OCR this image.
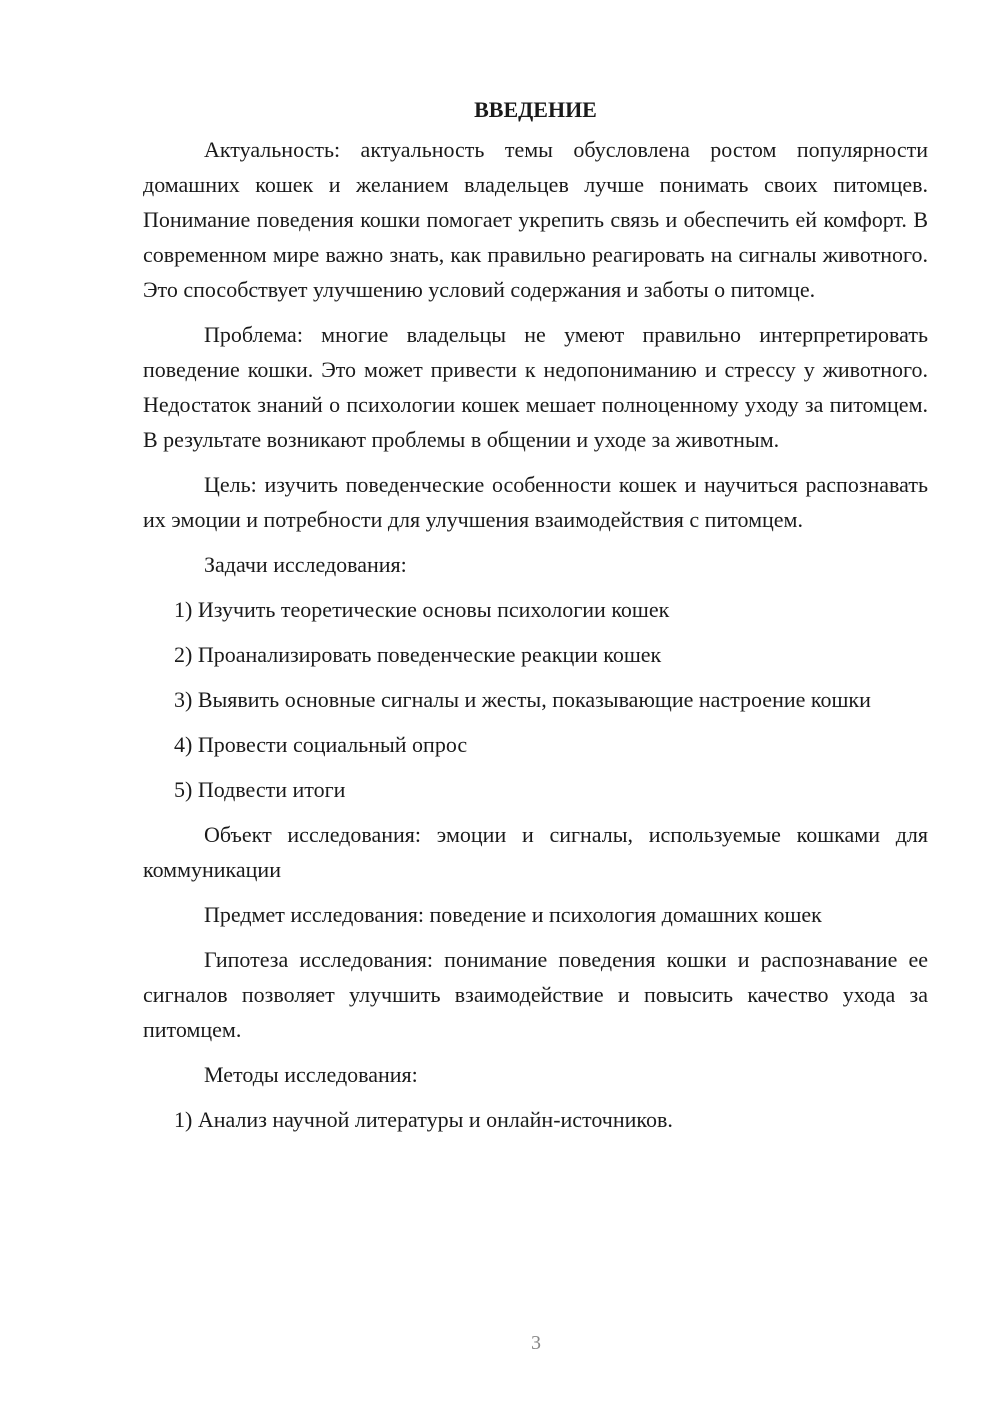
ВВЕДЕНИЕ

Актуальность: актуальность темы обусловлена ростом популярности домашних кошек и желанием владельцев лучше понимать своих питомцев. Понимание поведения кошки помогает укрепить связь и обеспечить ей комфорт. В современном мире важно знать, как правильно реагировать на сигналы животного. Это способствует улучшению условий содержания и заботы о питомце.

Проблема: многие владельцы не умеют правильно интерпретировать поведение кошки. Это может привести к недопониманию и стрессу у животного. Недостаток знаний о психологии кошек мешает полноценному уходу за питомцем. В результате возникают проблемы в общении и уходе за животным.

Цель: изучить поведенческие особенности кошек и научиться распознавать их эмоции и потребности для улучшения взаимодействия с питомцем.

Задачи исследования:

1) Изучить теоретические основы психологии кошек

2) Проанализировать поведенческие реакции кошек

3) Выявить основные сигналы и жесты, показывающие настроение кошки

4) Провести социальный опрос

5) Подвести итоги

Объект исследования: эмоции и сигналы, используемые кошками для коммуникации

Предмет исследования: поведение и психология домашних кошек

Гипотеза исследования: понимание поведения кошки и распознавание ее сигналов позволяет улучшить взаимодействие и повысить качество ухода за питомцем.

Методы исследования:

1) Анализ научной литературы и онлайн-источников.

3
